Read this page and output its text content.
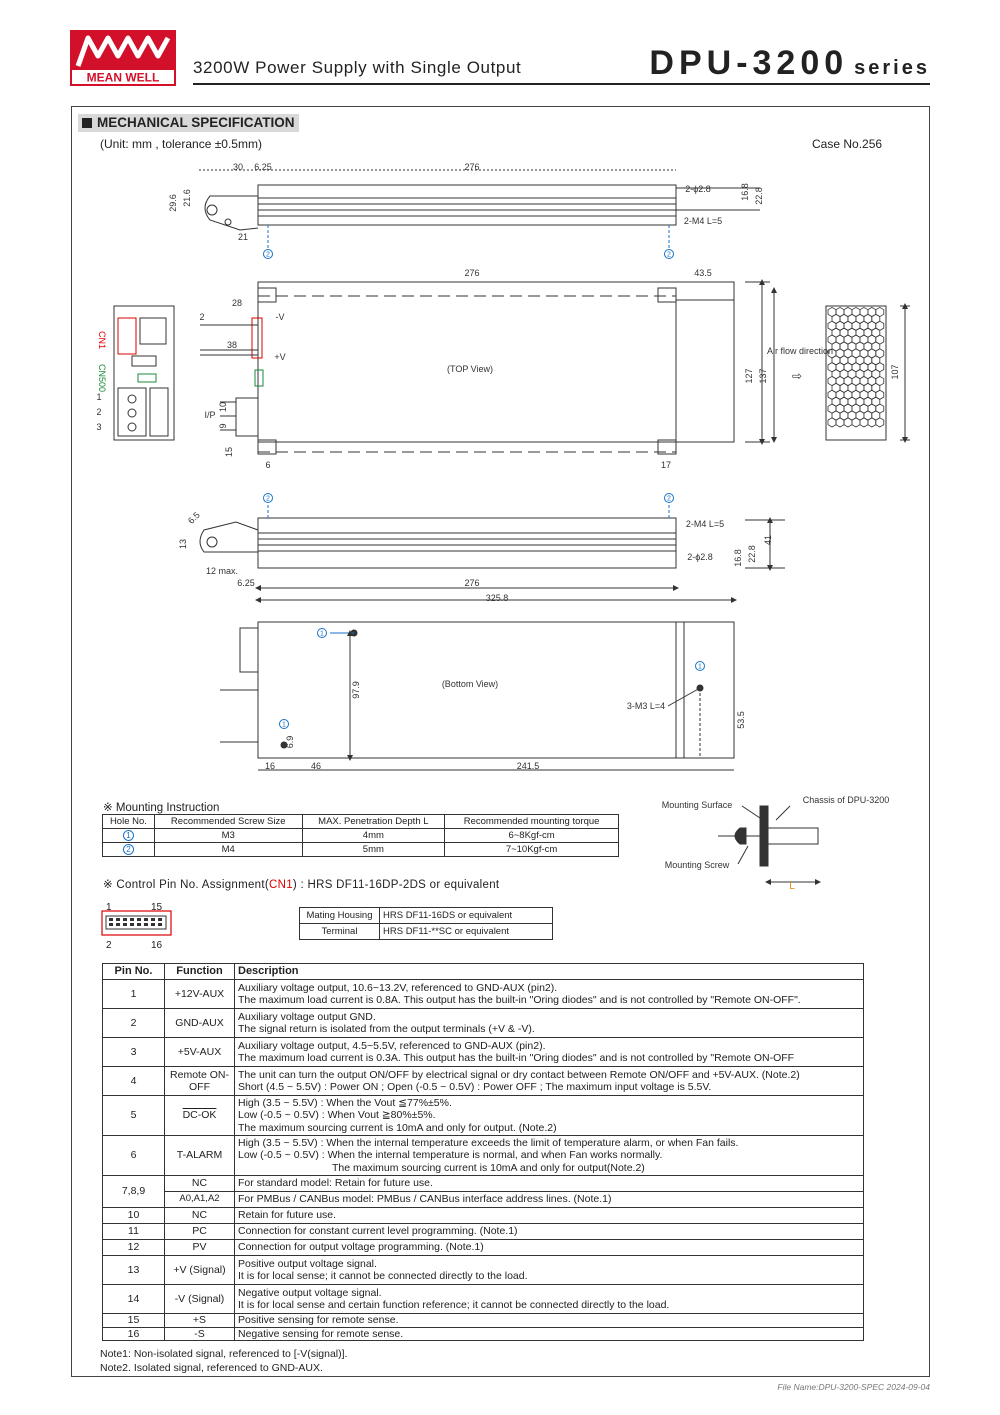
MEAN WELL
3200W Power Supply with Single Output	DPU-3200 series
MECHANICAL SPECIFICATION
(Unit: mm , tolerance ±0.5mm)	Case No.256
30 6.25	276
29.6 21.6
21
16.8 22.8
2-ϕ2.8
2-M4 L=5
276	43.5
28
2
38
10
9
15
6	17
127 137	107
(TOP View)
-V
+V
I/P
Air flow direction
⇨
1
2
3
CN1
CN500
6.5
13
12 max.
6.25	276
325.8
16.8 22.8
41
2-M4 L=5
2-ϕ2.8
97.9
6.9
16	46	241.5
53.5
(Bottom View)
3-M3 L=4
Mounting Surface	Chassis of DPU-3200
Mounting Screw
L
2	2
2	2
1
1
1
※ Mounting Instruction
Hole No.	Recommended Screw Size	MAX. Penetration Depth L	Recommended mounting torque
1	M3	4mm	6~8Kgf-cm
2	M4	5mm	7~10Kgf-cm
※ Control Pin No. Assignment(CN1) : HRS DF11-16DP-2DS or equivalent
1	15
2	16
Mating Housing	HRS DF11-16DS or equivalent
Terminal	HRS DF11-**SC or equivalent
Pin No.	Function	Description
1	+12V-AUX	Auxiliary voltage output, 10.6~13.2V, referenced to GND-AUX (pin2).
The maximum load current is 0.8A. This output has the built-in "Oring diodes" and is not controlled by "Remote ON-OFF".

2	GND-AUX	Auxiliary voltage output GND.
The signal return is isolated from the output terminals (+V & -V).

3	+5V-AUX	Auxiliary voltage output, 4.5~5.5V, referenced to GND-AUX (pin2).
The maximum load current is 0.3A. This output has the built-in "Oring diodes" and is not controlled by "Remote ON-OFF

4	Remote ON-OFF	The unit can turn the output ON/OFF by electrical signal or dry contact between Remote ON/OFF and +5V-AUX. (Note.2)
Short (4.5 ~ 5.5V) : Power ON ; Open (-0.5 ~ 0.5V) : Power OFF ; The maximum input voltage is 5.5V.

5	DC-OK	High (3.5 ~ 5.5V) : When the Vout ≦77%±5%.
Low (-0.5 ~ 0.5V) : When Vout ≧80%±5%.
The maximum sourcing current is 10mA and only for output. (Note.2)

6	T-ALARM	High (3.5 ~ 5.5V) : When the internal temperature exceeds the limit of temperature alarm, or when Fan fails.
Low (-0.5 ~ 0.5V) : When the internal temperature is normal, and when Fan works normally.
The maximum sourcing current is 10mA and only for output(Note.2)

7,8,9	NC	For standard model: Retain for future use.
	A0,A1,A2	For PMBus / CANBus model: PMBus / CANBus interface address lines. (Note.1)
10	NC	Retain for future use.
11	PC	Connection for constant current level programming. (Note.1)
12	PV	Connection for output voltage programming. (Note.1)
13	+V (Signal)	Positive output voltage signal.
It is for local sense; it cannot be connected directly to the load.

14	-V (Signal)	Negative output voltage signal.
It is for local sense and certain function reference; it cannot be connected directly to the load.

15	+S	Positive sensing for remote sense.
16	-S	Negative sensing for remote sense.
Note1: Non-isolated signal, referenced to [-V(signal)].
Note2. Isolated signal, referenced to GND-AUX.
File Name:DPU-3200-SPEC 2024-09-04
